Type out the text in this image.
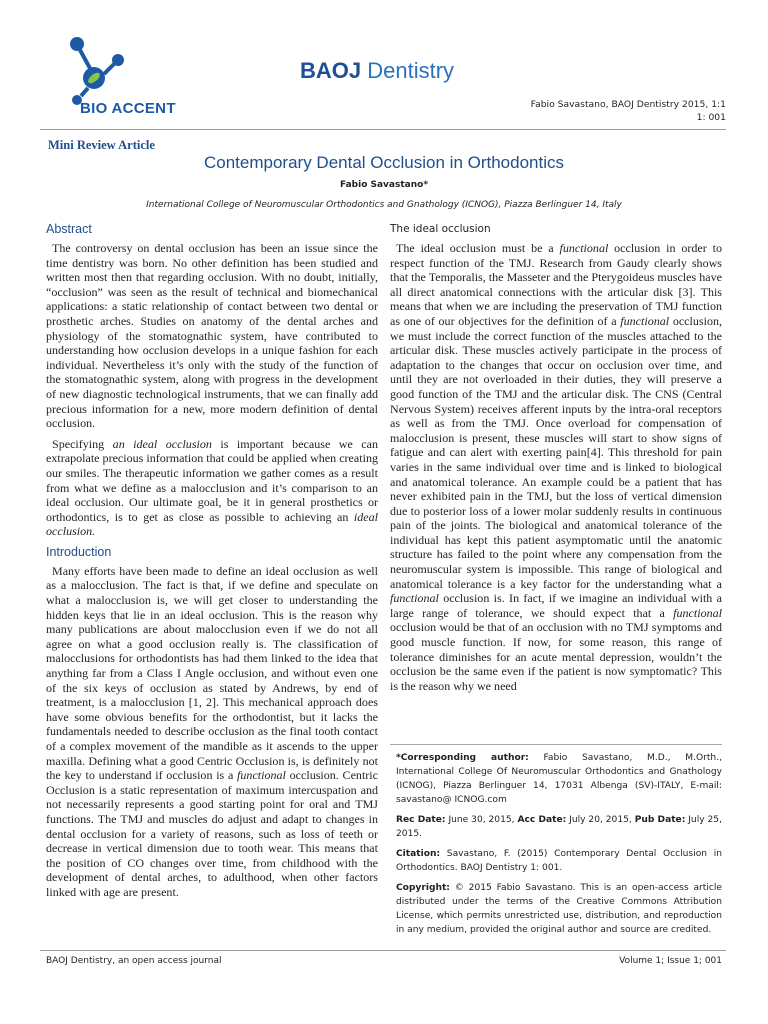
BIO ACCENT
BAOJ Dentistry
Fabio Savastano, BAOJ Dentistry 2015, 1:1
1: 001
Mini Review Article
Contemporary Dental Occlusion in Orthodontics
Fabio Savastano*
International College of Neuromuscular Orthodontics and Gnathology (ICNOG), Piazza Berlinguer 14, Italy
Abstract

The controversy on dental occlusion has been an issue since the time dentistry was born. No other definition has been studied and written most then that regarding occlusion. With no doubt, initially, “occlusion” was seen as the result of technical and biomechanical applications: a static relationship of contact between two dental or prosthetic arches. Studies on anatomy of the dental arches and physiology of the stomatognathic system, have contributed to understanding how occlusion develops in a unique fashion for each individual. Nevertheless it’s only with the study of the function of the stomatognathic system, along with progress in the development of new diagnostic technological instruments, that we can finally add precious information for a new, more modern definition of dental occlusion.

Specifying an ideal occlusion is important because we can extrapolate precious information that could be applied when creating our smiles. The therapeutic information we gather comes as a result from what we define as a malocclusion and it’s comparison to an ideal occlusion. Our ultimate goal, be it in general prosthetics or orthodontics, is to get as close as possible to achieving an ideal occlusion.

Introduction

Many efforts have been made to define an ideal occlusion as well as a malocclusion. The fact is that, if we define and speculate on what a malocclusion is, we will get closer to understanding the hidden keys that lie in an ideal occlusion. This is the reason why many publications are about malocclusion even if we do not all agree on what a good occlusion really is. The classification of malocclusions for orthodontists has had them linked to the idea that anything far from a Class I Angle occlusion, and without even one of the six keys of occlusion as stated by Andrews, by end of treatment, is a malocclusion [1, 2]. This mechanical approach does have some obvious benefits for the orthodontist, but it lacks the fundamentals needed to describe occlusion as the final tooth contact of a complex movement of the mandible as it ascends to the upper maxilla. Defining what a good Centric Occlusion is, is definitely not the key to understand if occlusion is a functional occlusion. Centric Occlusion is a static representation of maximum intercuspation and not necessarily represents a good starting point for oral and TMJ functions. The TMJ and muscles do adjust and adapt to changes in dental occlusion for a variety of reasons, such as loss of teeth or decrease in vertical dimension due to tooth wear. This means that the position of CO changes over time, from childhood with the development of dental arches, to adulthood, when other factors linked with age are present.

The ideal occlusion

The ideal occlusion must be a functional occlusion in order to respect function of the TMJ. Research from Gaudy clearly shows that the Temporalis, the Masseter and the Pterygoideus muscles have all direct anatomical connections with the articular disk [3]. This means that when we are including the preservation of TMJ function as one of our objectives for the definition of a functional occlusion, we must include the correct function of the muscles attached to the articular disk. These muscles actively participate in the process of adaptation to the changes that occur on occlusion over time, and until they are not overloaded in their duties, they will preserve a good function of the TMJ and the articular disk. The CNS (Central Nervous System) receives afferent inputs by the intra-oral receptors as well as from the TMJ. Once overload for compensation of malocclusion is present, these muscles will start to show signs of fatigue and can alert with exerting pain[4]. This threshold for pain varies in the same individual over time and is linked to biological and anatomical tolerance. An example could be a patient that has never exhibited pain in the TMJ, but the loss of vertical dimension due to posterior loss of a lower molar suddenly results in continuous pain of the joints. The biological and anatomical tolerance of the individual has kept this patient asymptomatic until the anatomic structure has failed to the point where any compensation from the neuromuscular system is impossible. This range of biological and anatomical tolerance is a key factor for the understanding what a functional occlusion is. In fact, if we imagine an individual with a large range of tolerance, we should expect that a functional occlusion would be that of an occlusion with no TMJ symptoms and good muscle function. If now, for some reason, this range of tolerance diminishes for an acute mental depression, wouldn’t the occlusion be the same even if the patient is now symptomatic? This is the reason why we need

*Corresponding author: Fabio Savastano, M.D., M.Orth., International College Of Neuromuscular Orthodontics and Gnathology (ICNOG), Piazza Berlinguer 14, 17031 Albenga (SV)-ITALY, E-mail: savastano@ ICNOG.com

Rec Date: June 30, 2015, Acc Date: July 20, 2015, Pub Date: July 25, 2015.

Citation: Savastano, F. (2015) Contemporary Dental Occlusion in Orthodontics. BAOJ Dentistry 1: 001.

Copyright: © 2015 Fabio Savastano. This is an open-access article distributed under the terms of the Creative Commons Attribution License, which permits unrestricted use, distribution, and reproduction in any medium, provided the original author and source are credited.

BAOJ Dentistry, an open access journal	Volume 1; Issue 1; 001
